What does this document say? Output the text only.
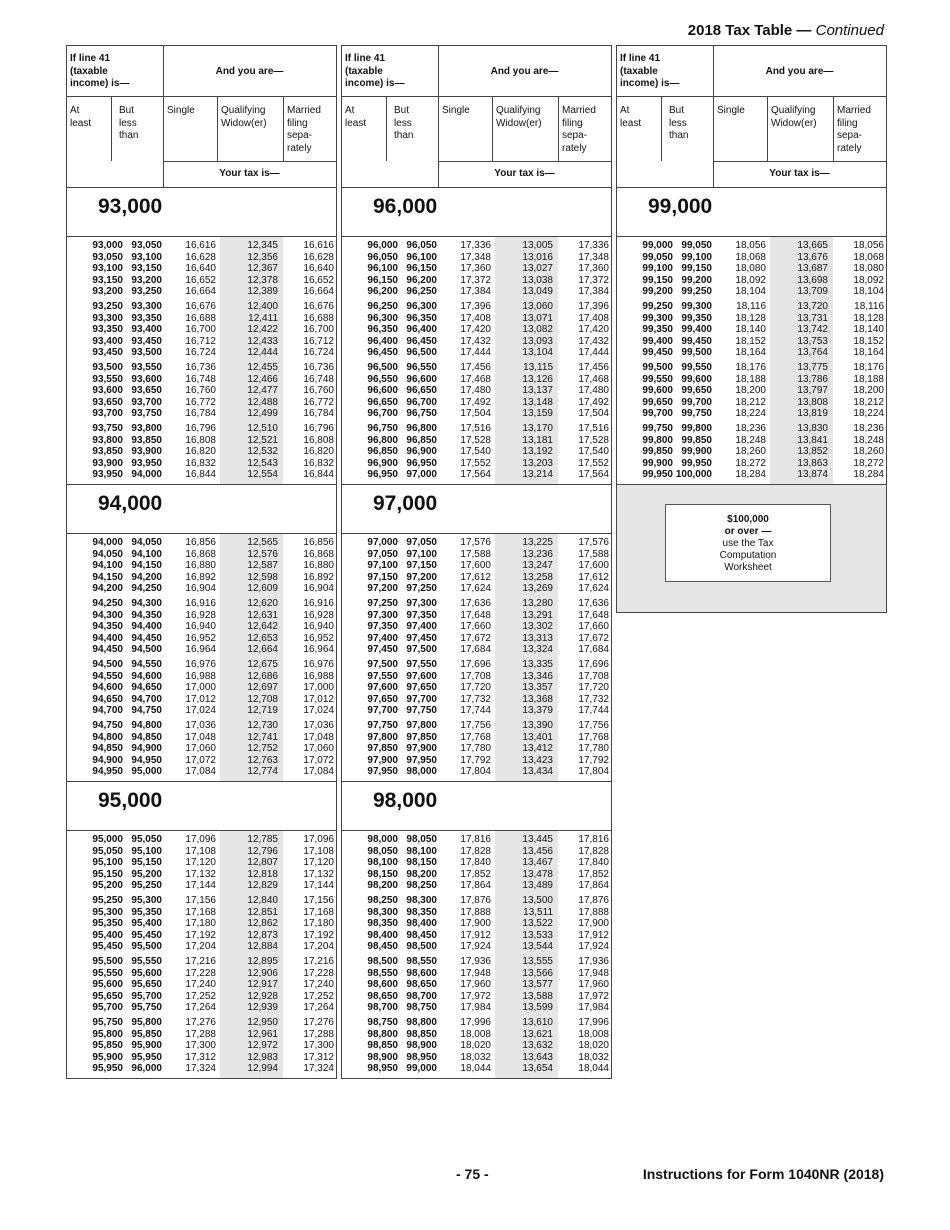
2018 Tax Table — Continued
If line 41
(taxable
income) is—
And you are—
At
least
But
less
than
Single	Qualifying
Widow(er)
Married
filing
sepa-
rately
Your tax is—
93,000
93,000 93,050 16,616	12,345	16,616
93,050 93,100 16,628	12,356	16,628
93,100 93,150 16,640	12,367	16,640
93,150 93,200 16,652	12,378	16,652
93,200 93,250 16,664	12,389	16,664
93,250 93,300 16,676	12,400	16,676
93,300 93,350 16,688	12,411	16,688
93,350 93,400 16,700	12,422	16,700
93,400 93,450 16,712	12,433	16,712
93,450 93,500 16,724	12,444	16,724
93,500 93,550 16,736	12,455	16,736
93,550 93,600 16,748	12,466	16,748
93,600 93,650 16,760	12,477	16,760
93,650 93,700 16,772	12,488	16,772
93,700 93,750 16,784	12,499	16,784
93,750 93,800 16,796	12,510	16,796
93,800 93,850 16,808	12,521	16,808
93,850 93,900 16,820	12,532	16,820
93,900 93,950 16,832	12,543	16,832
93,950 94,000 16,844	12,554	16,844
94,000
94,000 94,050 16,856	12,565	16,856
94,050 94,100 16,868	12,576	16,868
94,100 94,150 16,880	12,587	16,880
94,150 94,200 16,892	12,598	16,892
94,200 94,250 16,904	12,609	16,904
94,250 94,300 16,916	12,620	16,916
94,300 94,350 16,928	12,631	16,928
94,350 94,400 16,940	12,642	16,940
94,400 94,450 16,952	12,653	16,952
94,450 94,500 16,964	12,664	16,964
94,500 94,550 16,976	12,675	16,976
94,550 94,600 16,988	12,686	16,988
94,600 94,650 17,000	12,697	17,000
94,650 94,700 17,012	12,708	17,012
94,700 94,750 17,024	12,719	17,024
94,750 94,800 17,036	12,730	17,036
94,800 94,850 17,048	12,741	17,048
94,850 94,900 17,060	12,752	17,060
94,900 94,950 17,072	12,763	17,072
94,950 95,000 17,084	12,774	17,084
95,000
95,000 95,050 17,096	12,785	17,096
95,050 95,100 17,108	12,796	17,108
95,100 95,150 17,120	12,807	17,120
95,150 95,200 17,132	12,818	17,132
95,200 95,250 17,144	12,829	17,144
95,250 95,300 17,156	12,840	17,156
95,300 95,350 17,168	12,851	17,168
95,350 95,400 17,180	12,862	17,180
95,400 95,450 17,192	12,873	17,192
95,450 95,500 17,204	12,884	17,204
95,500 95,550 17,216	12,895	17,216
95,550 95,600 17,228	12,906	17,228
95,600 95,650 17,240	12,917	17,240
95,650 95,700 17,252	12,928	17,252
95,700 95,750 17,264	12,939	17,264
95,750 95,800 17,276	12,950	17,276
95,800 95,850 17,288	12,961	17,288
95,850 95,900 17,300	12,972	17,300
95,900 95,950 17,312	12,983	17,312
95,950 96,000 17,324	12,994	17,324
If line 41
(taxable
income) is—
And you are—
At
least
But
less
than
Single	Qualifying
Widow(er)
Married
filing
sepa-
rately
Your tax is—
96,000
96,000 96,050 17,336	13,005	17,336
96,050 96,100 17,348	13,016	17,348
96,100 96,150 17,360	13,027	17,360
96,150 96,200 17,372	13,038	17,372
96,200 96,250 17,384	13,049	17,384
96,250 96,300 17,396	13,060	17,396
96,300 96,350 17,408	13,071	17,408
96,350 96,400 17,420	13,082	17,420
96,400 96,450 17,432	13,093	17,432
96,450 96,500 17,444	13,104	17,444
96,500 96,550 17,456	13,115	17,456
96,550 96,600 17,468	13,126	17,468
96,600 96,650 17,480	13,137	17,480
96,650 96,700 17,492	13,148	17,492
96,700 96,750 17,504	13,159	17,504
96,750 96,800 17,516	13,170	17,516
96,800 96,850 17,528	13,181	17,528
96,850 96,900 17,540	13,192	17,540
96,900 96,950 17,552	13,203	17,552
96,950 97,000 17,564	13,214	17,564
97,000
97,000 97,050 17,576	13,225	17,576
97,050 97,100 17,588	13,236	17,588
97,100 97,150 17,600	13,247	17,600
97,150 97,200 17,612	13,258	17,612
97,200 97,250 17,624	13,269	17,624
97,250 97,300 17,636	13,280	17,636
97,300 97,350 17,648	13,291	17,648
97,350 97,400 17,660	13,302	17,660
97,400 97,450 17,672	13,313	17,672
97,450 97,500 17,684	13,324	17,684
97,500 97,550 17,696	13,335	17,696
97,550 97,600 17,708	13,346	17,708
97,600 97,650 17,720	13,357	17,720
97,650 97,700 17,732	13,368	17,732
97,700 97,750 17,744	13,379	17,744
97,750 97,800 17,756	13,390	17,756
97,800 97,850 17,768	13,401	17,768
97,850 97,900 17,780	13,412	17,780
97,900 97,950 17,792	13,423	17,792
97,950 98,000 17,804	13,434	17,804
98,000
98,000 98,050 17,816	13,445	17,816
98,050 98,100 17,828	13,456	17,828
98,100 98,150 17,840	13,467	17,840
98,150 98,200 17,852	13,478	17,852
98,200 98,250 17,864	13,489	17,864
98,250 98,300 17,876	13,500	17,876
98,300 98,350 17,888	13,511	17,888
98,350 98,400 17,900	13,522	17,900
98,400 98,450 17,912	13,533	17,912
98,450 98,500 17,924	13,544	17,924
98,500 98,550 17,936	13,555	17,936
98,550 98,600 17,948	13,566	17,948
98,600 98,650 17,960	13,577	17,960
98,650 98,700 17,972	13,588	17,972
98,700 98,750 17,984	13,599	17,984
98,750 98,800 17,996	13,610	17,996
98,800 98,850 18,008	13,621	18,008
98,850 98,900 18,020	13,632	18,020
98,900 98,950 18,032	13,643	18,032
98,950 99,000 18,044	13,654	18,044
If line 41
(taxable
income) is—
And you are—
At
least
But
less
than
Single	Qualifying
Widow(er)
Married
filing
sepa-
rately
Your tax is—
99,000
99,000 99,050 18,056	13,665	18,056
99,050 99,100 18,068	13,676	18,068
99,100 99,150 18,080	13,687	18,080
99,150 99,200 18,092	13,698	18,092
99,200 99,250 18,104	13,709	18,104
99,250 99,300 18,116	13,720	18,116
99,300 99,350 18,128	13,731	18,128
99,350 99,400 18,140	13,742	18,140
99,400 99,450 18,152	13,753	18,152
99,450 99,500 18,164	13,764	18,164
99,500 99,550 18,176	13,775	18,176
99,550 99,600 18,188	13,786	18,188
99,600 99,650 18,200	13,797	18,200
99,650 99,700 18,212	13,808	18,212
99,700 99,750 18,224	13,819	18,224
99,750 99,800 18,236	13,830	18,236
99,800 99,850 18,248	13,841	18,248
99,850 99,900 18,260	13,852	18,260
99,900 99,950 18,272	13,863	18,272
99,950 100,000 18,284	13,874	18,284
$100,000
or over —
use the Tax
Computation
Worksheet
- 75 -	Instructions for Form 1040NR (2018)
